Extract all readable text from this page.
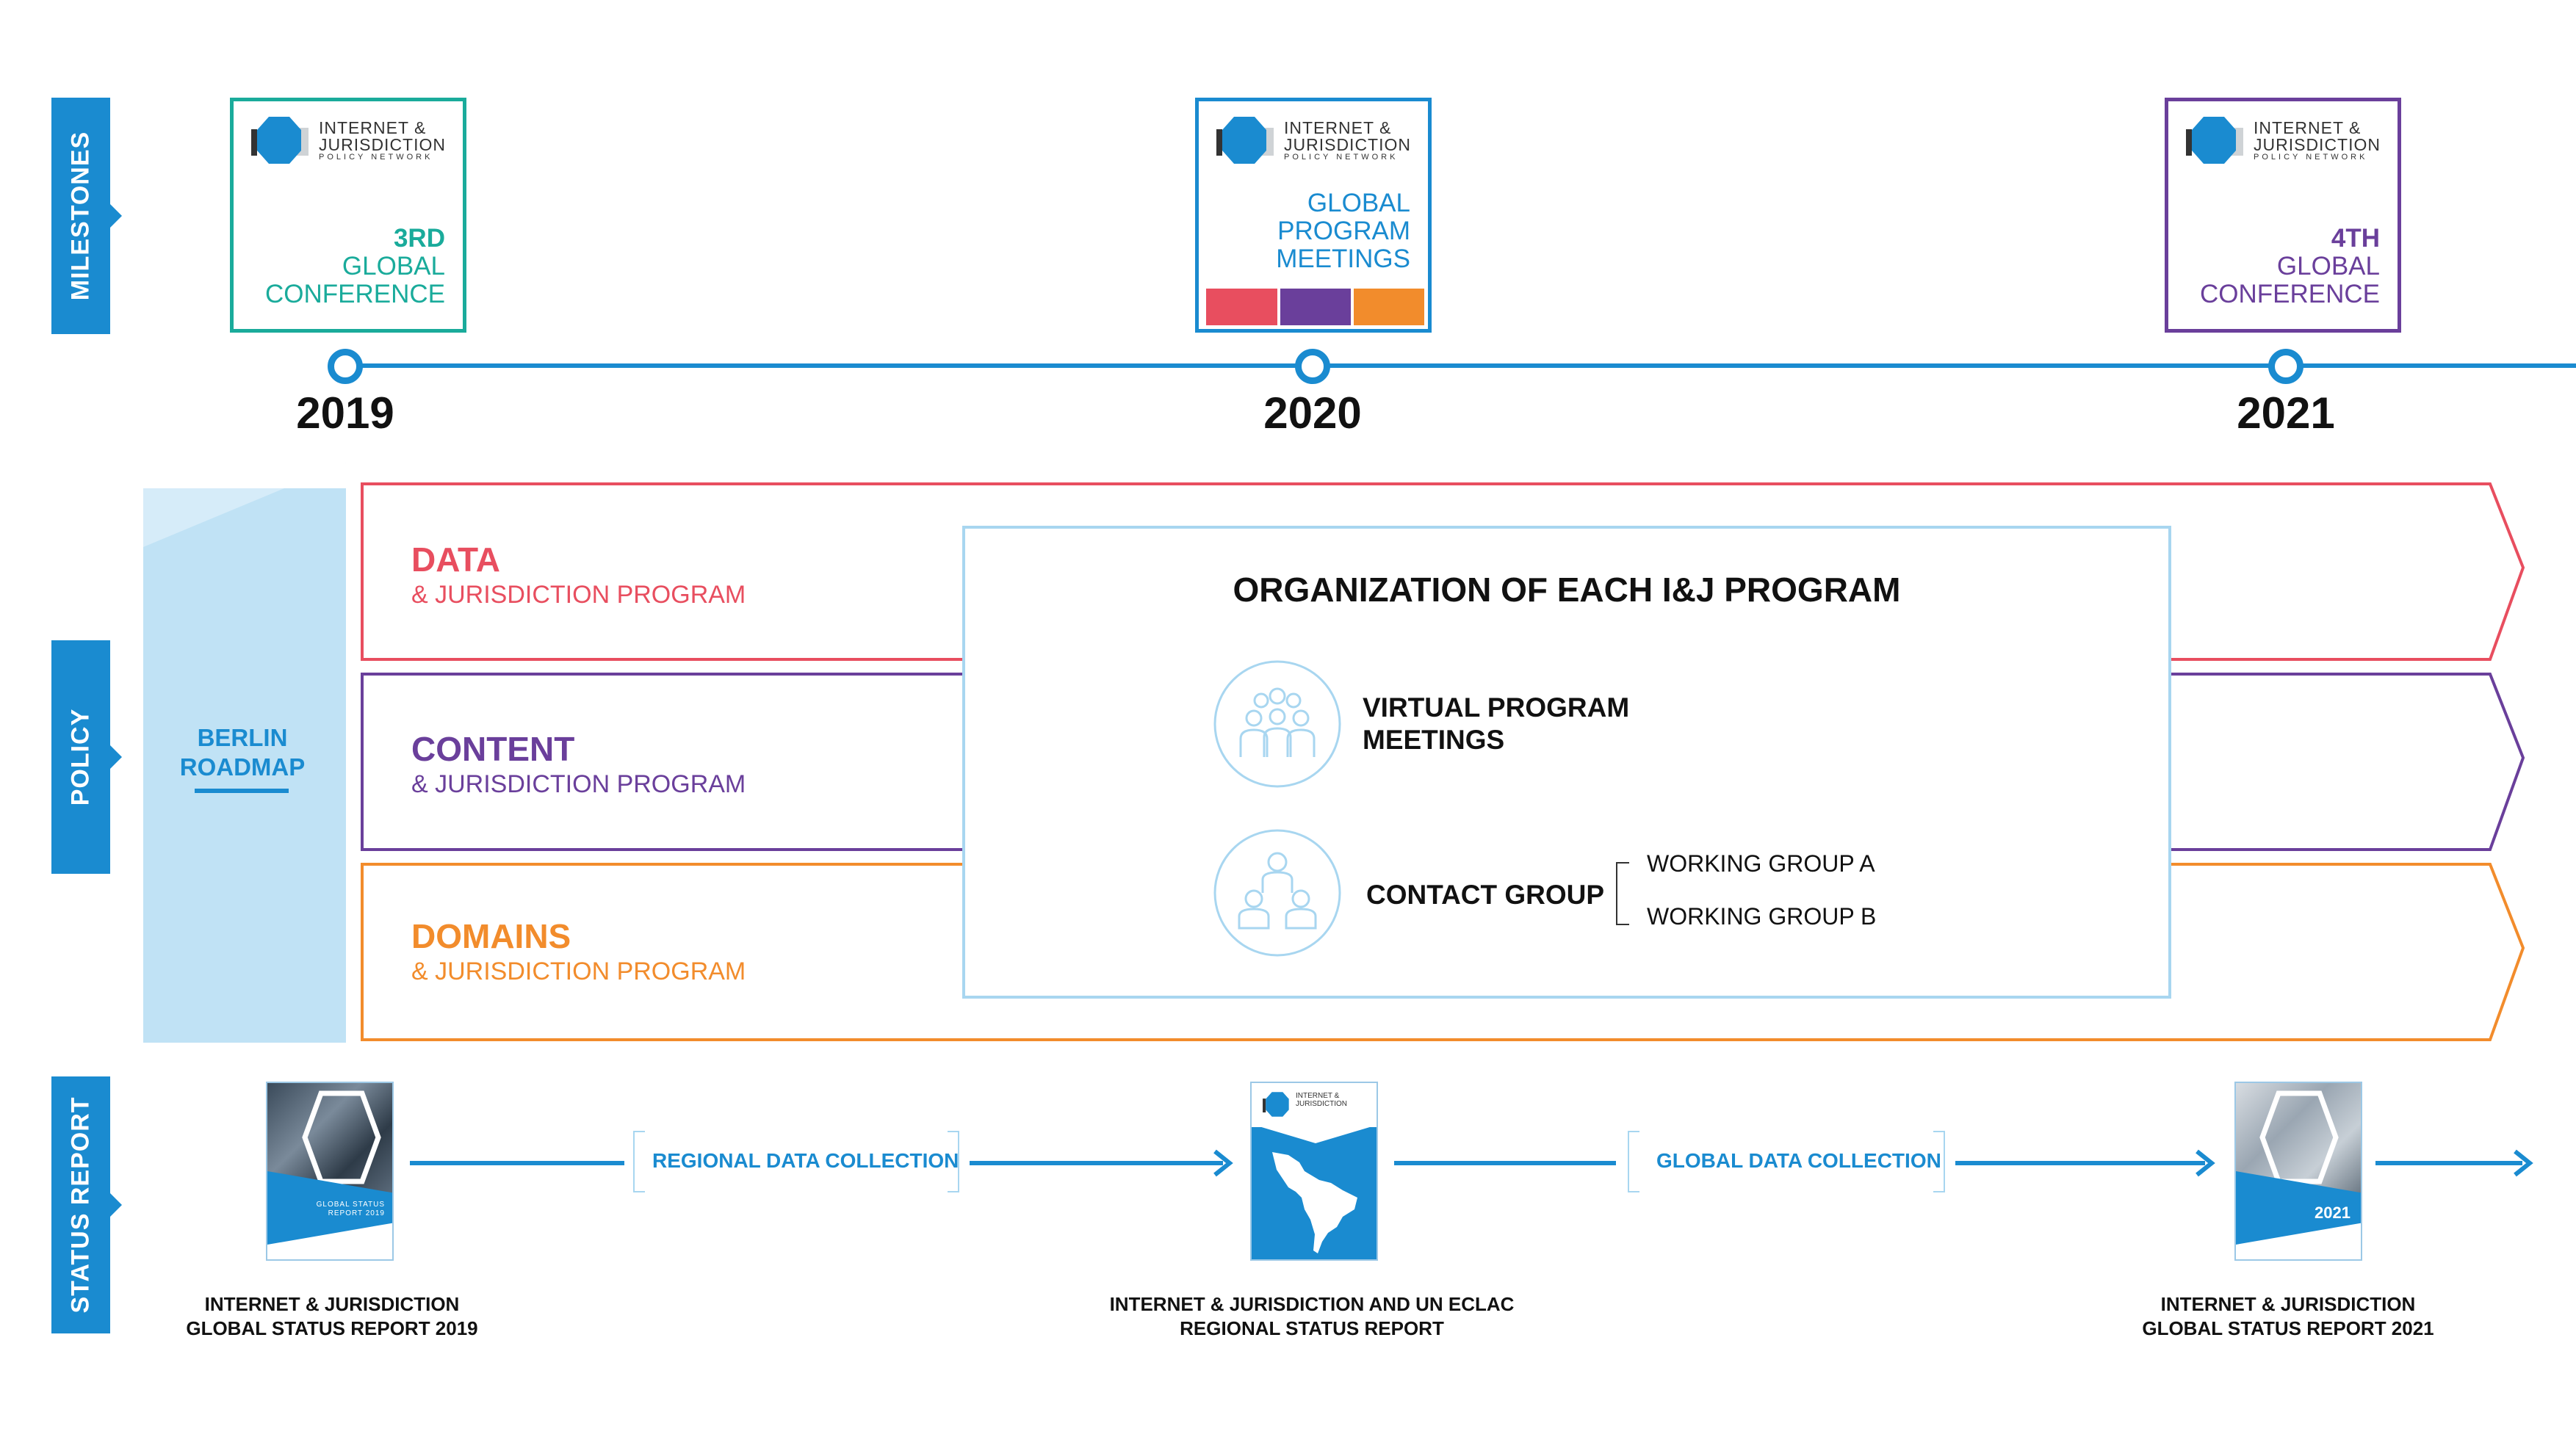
MILESTONES
POLICY
STATUS REPORT
2019	2020	2021
INTERNET &
JURISDICTION
POLICY NETWORK
3RD
GLOBAL
CONFERENCE
INTERNET &
JURISDICTION
POLICY NETWORK
GLOBAL
PROGRAM
MEETINGS
INTERNET &
JURISDICTION
POLICY NETWORK
4TH
GLOBAL
CONFERENCE
BERLIN
ROADMAP
DATA
& JURISDICTION PROGRAM
CONTENT
& JURISDICTION PROGRAM
DOMAINS
& JURISDICTION PROGRAM
ORGANIZATION OF EACH I&J PROGRAM
VIRTUAL PROGRAM
MEETINGS
CONTACT GROUP
WORKING GROUP A
WORKING GROUP B
GLOBAL STATUS
REPORT 2019
REGIONAL DATA COLLECTION
INTERNET &
JURISDICTION
GLOBAL DATA COLLECTION
2021
INTERNET & JURISDICTION
GLOBAL STATUS REPORT 2019
INTERNET & JURISDICTION AND UN ECLAC
REGIONAL STATUS REPORT
INTERNET & JURISDICTION
GLOBAL STATUS REPORT 2021
